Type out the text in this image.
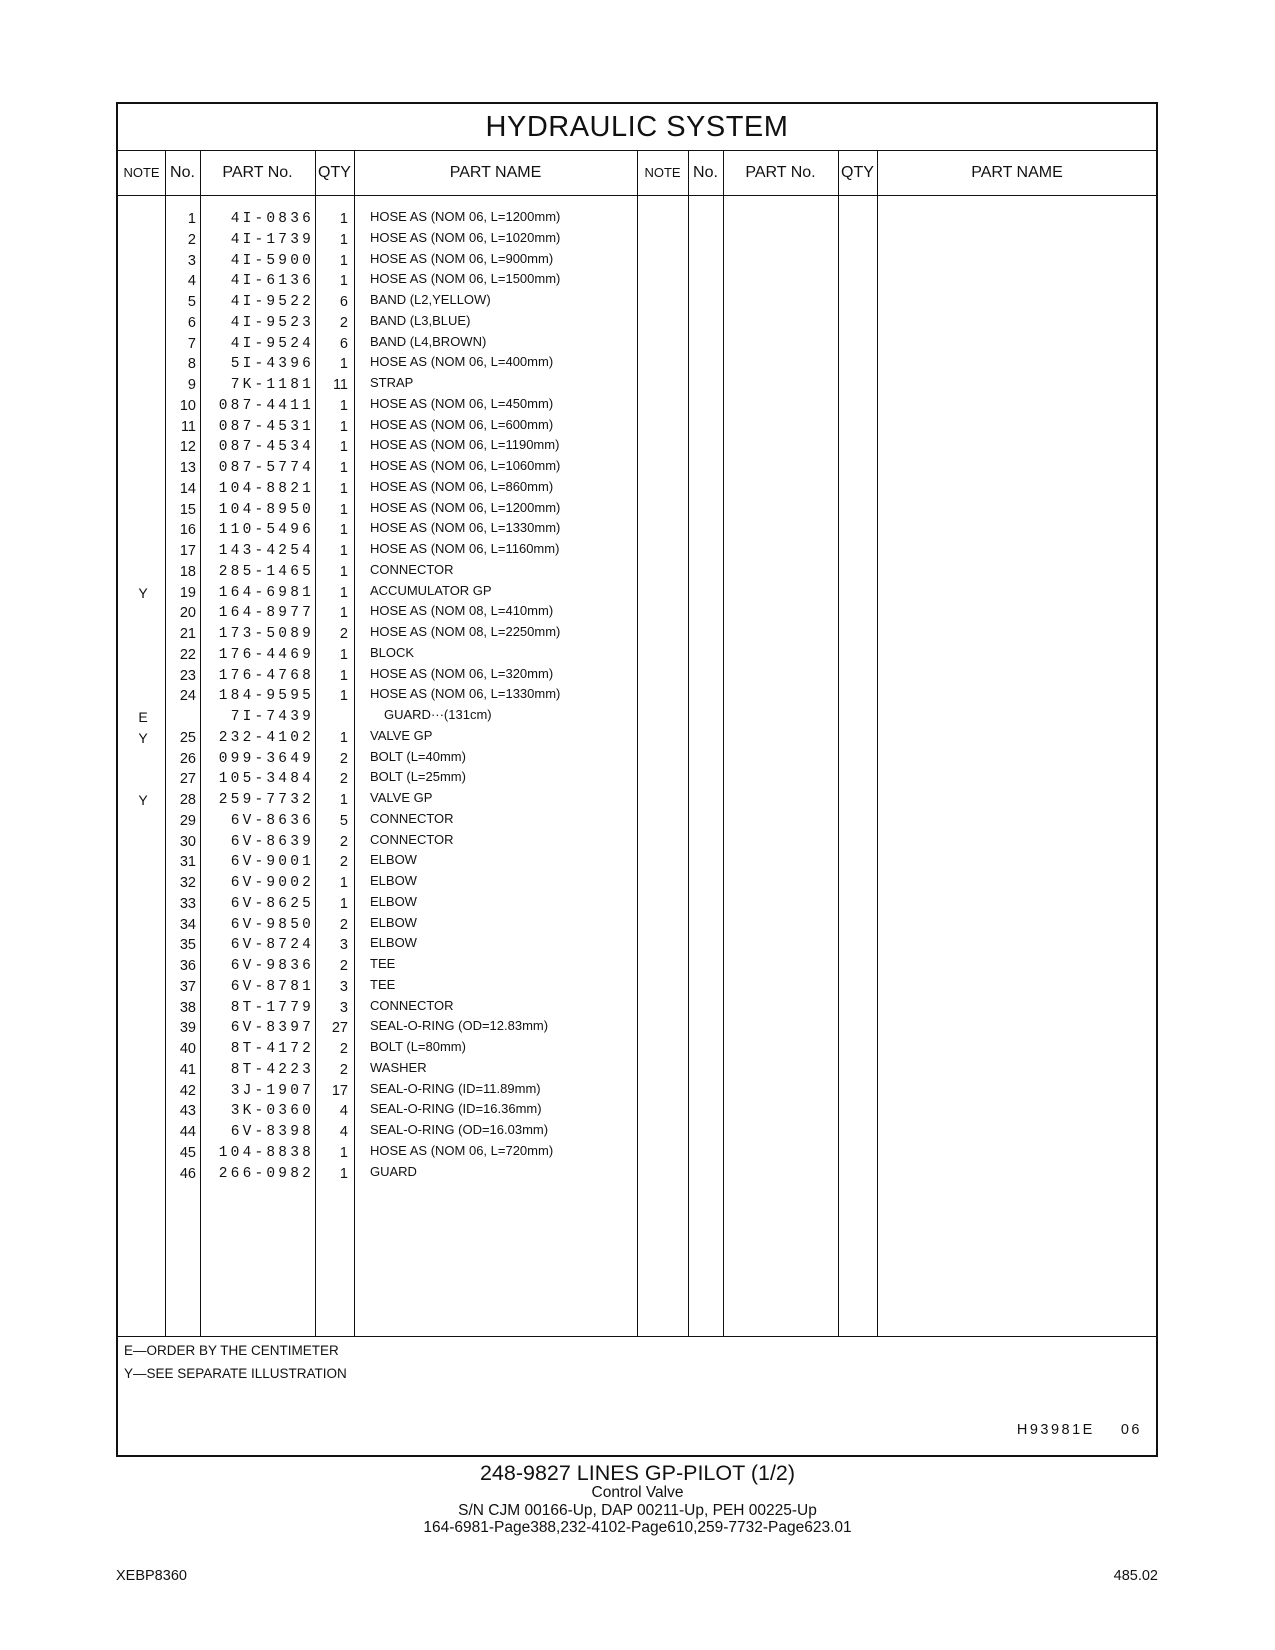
HYDRAULIC SYSTEM
NOTE No.	PART No.	QTY	PART NAME	NOTE No.	PART No.	QTY	PART NAME
1	4I-0836	1 HOSE AS (NOM 06, L=1200mm)
2	4I-1739	1 HOSE AS (NOM 06, L=1020mm)
3	4I-5900	1 HOSE AS (NOM 06, L=900mm)
4	4I-6136	1 HOSE AS (NOM 06, L=1500mm)
5	4I-9522	6 BAND (L2,YELLOW)
6	4I-9523	2 BAND (L3,BLUE)
7	4I-9524	6 BAND (L4,BROWN)
8	5I-4396	1 HOSE AS (NOM 06, L=400mm)
9	7K-1181	11 STRAP
10	087-4411	1 HOSE AS (NOM 06, L=450mm)
11	087-4531	1 HOSE AS (NOM 06, L=600mm)
12	087-4534	1 HOSE AS (NOM 06, L=1190mm)
13	087-5774	1 HOSE AS (NOM 06, L=1060mm)
14	104-8821	1 HOSE AS (NOM 06, L=860mm)
15	104-8950	1 HOSE AS (NOM 06, L=1200mm)
16	110-5496	1 HOSE AS (NOM 06, L=1330mm)
17	143-4254	1 HOSE AS (NOM 06, L=1160mm)
18	285-1465	1 CONNECTOR
Y	19	164-6981	1 ACCUMULATOR GP
20	164-8977	1 HOSE AS (NOM 08, L=410mm)
21	173-5089	2 HOSE AS (NOM 08, L=2250mm)
22	176-4469	1 BLOCK
23	176-4768	1 HOSE AS (NOM 06, L=320mm)
24	184-9595	1 HOSE AS (NOM 06, L=1330mm)
E	7I-7439	GUARD···(131cm)
Y	25	232-4102	1 VALVE GP
26	099-3649	2 BOLT (L=40mm)
27	105-3484	2 BOLT (L=25mm)
Y	28	259-7732	1 VALVE GP
29	6V-8636	5 CONNECTOR
30	6V-8639	2 CONNECTOR
31	6V-9001	2 ELBOW
32	6V-9002	1 ELBOW
33	6V-8625	1 ELBOW
34	6V-9850	2 ELBOW
35	6V-8724	3 ELBOW
36	6V-9836	2 TEE
37	6V-8781	3 TEE
38	8T-1779	3 CONNECTOR
39	6V-8397	27 SEAL-O-RING (OD=12.83mm)
40	8T-4172	2 BOLT (L=80mm)
41	8T-4223	2 WASHER
42	3J-1907	17 SEAL-O-RING (ID=11.89mm)
43	3K-0360	4 SEAL-O-RING (ID=16.36mm)
44	6V-8398	4 SEAL-O-RING (OD=16.03mm)
45	104-8838	1 HOSE AS (NOM 06, L=720mm)
46	266-0982	1 GUARD
E—ORDER BY THE CENTIMETER
Y—SEE SEPARATE ILLUSTRATION
H93981E 06
248-9827 LINES GP-PILOT (1/2)
Control Valve
S/N CJM 00166-Up, DAP 00211-Up, PEH 00225-Up
164-6981-Page388,232-4102-Page610,259-7732-Page623.01
XEBP8360	485.02
